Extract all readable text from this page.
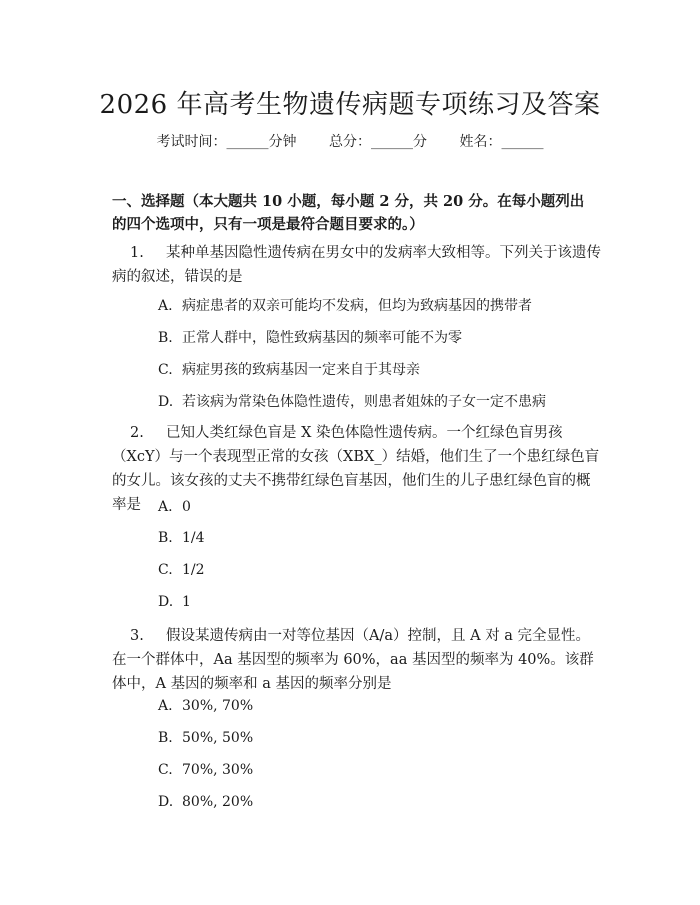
2026 年高考生物遗传病题专项练习及答案
考试时间：______分钟 总分：______分 姓名：______
一、选择题（本大题共 10 小题，每小题 2 分，共 20 分。在每小题列出的四个选项中，只有一项是最符合题目要求的。）
1. 某种单基因隐性遗传病在男女中的发病率大致相等。下列关于该遗传病的叙述，错误的是
A. 病症患者的双亲可能均不发病，但均为致病基因的携带者
B. 正常人群中，隐性致病基因的频率可能不为零
C. 病症男孩的致病基因一定来自于其母亲
D. 若该病为常染色体隐性遗传，则患者姐妹的子女一定不患病
2. 已知人类红绿色盲是 X 染色体隐性遗传病。一个红绿色盲男孩（XcY）与一个表现型正常的女孩（XBX_）结婚，他们生了一个患红绿色盲的女儿。该女孩的丈夫不携带红绿色盲基因，他们生的儿子患红绿色盲的概率是	A. 0
B. 1/4
C. 1/2
D. 1
3. 假设某遗传病由一对等位基因（A/a）控制，且 A 对 a 完全显性。在一个群体中，Aa 基因型的频率为 60%，aa 基因型的频率为 40%。该群体中，A 基因的频率和 a 基因的频率分别是
A. 30%, 70%
B. 50%, 50%
C. 70%, 30%
D. 80%, 20%
